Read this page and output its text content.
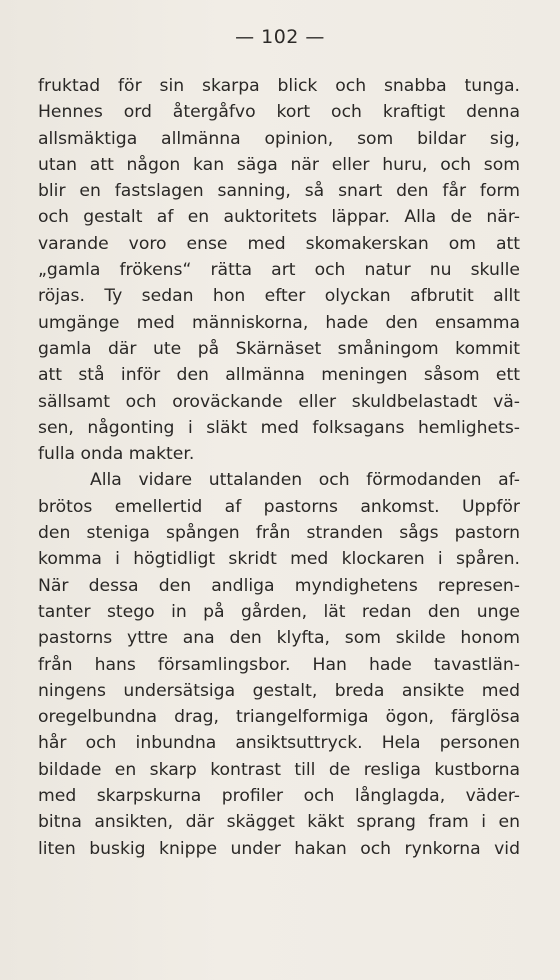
— 102 —
fruktad för sin skarpa blick och snabba tunga.
Hennes ord återgåfvo kort och kraftigt denna
allsmäktiga allmänna opinion, som bildar sig,
utan att någon kan säga när eller huru, och som
blir en fastslagen sanning, så snart den får form
och gestalt af en auktoritets läppar. Alla de när-
varande voro ense med skomakerskan om att
„gamla frökens“ rätta art och natur nu skulle
röjas. Ty sedan hon efter olyckan afbrutit allt
umgänge med människorna, hade den ensamma
gamla där ute på Skärnäset småningom kommit
att stå inför den allmänna meningen såsom ett
sällsamt och oroväckande eller skuldbelastadt vä-
sen, någonting i släkt med folksagans hemlighets-
fulla onda makter.
Alla vidare uttalanden och förmodanden af-
brötos emellertid af pastorns ankomst. Uppför
den steniga spången från stranden sågs pastorn
komma i högtidligt skridt med klockaren i spåren.
När dessa den andliga myndighetens represen-
tanter stego in på gården, lät redan den unge
pastorns yttre ana den klyfta, som skilde honom
från hans församlingsbor. Han hade tavastlän-
ningens undersätsiga gestalt, breda ansikte med
oregelbundna drag, triangelformiga ögon, färglösa
hår och inbundna ansiktsuttryck. Hela personen
bildade en skarp kontrast till de resliga kustborna
med skarpskurna profiler och långlagda, väder-
bitna ansikten, där skägget käkt sprang fram i en
liten buskig knippe under hakan och rynkorna vid
